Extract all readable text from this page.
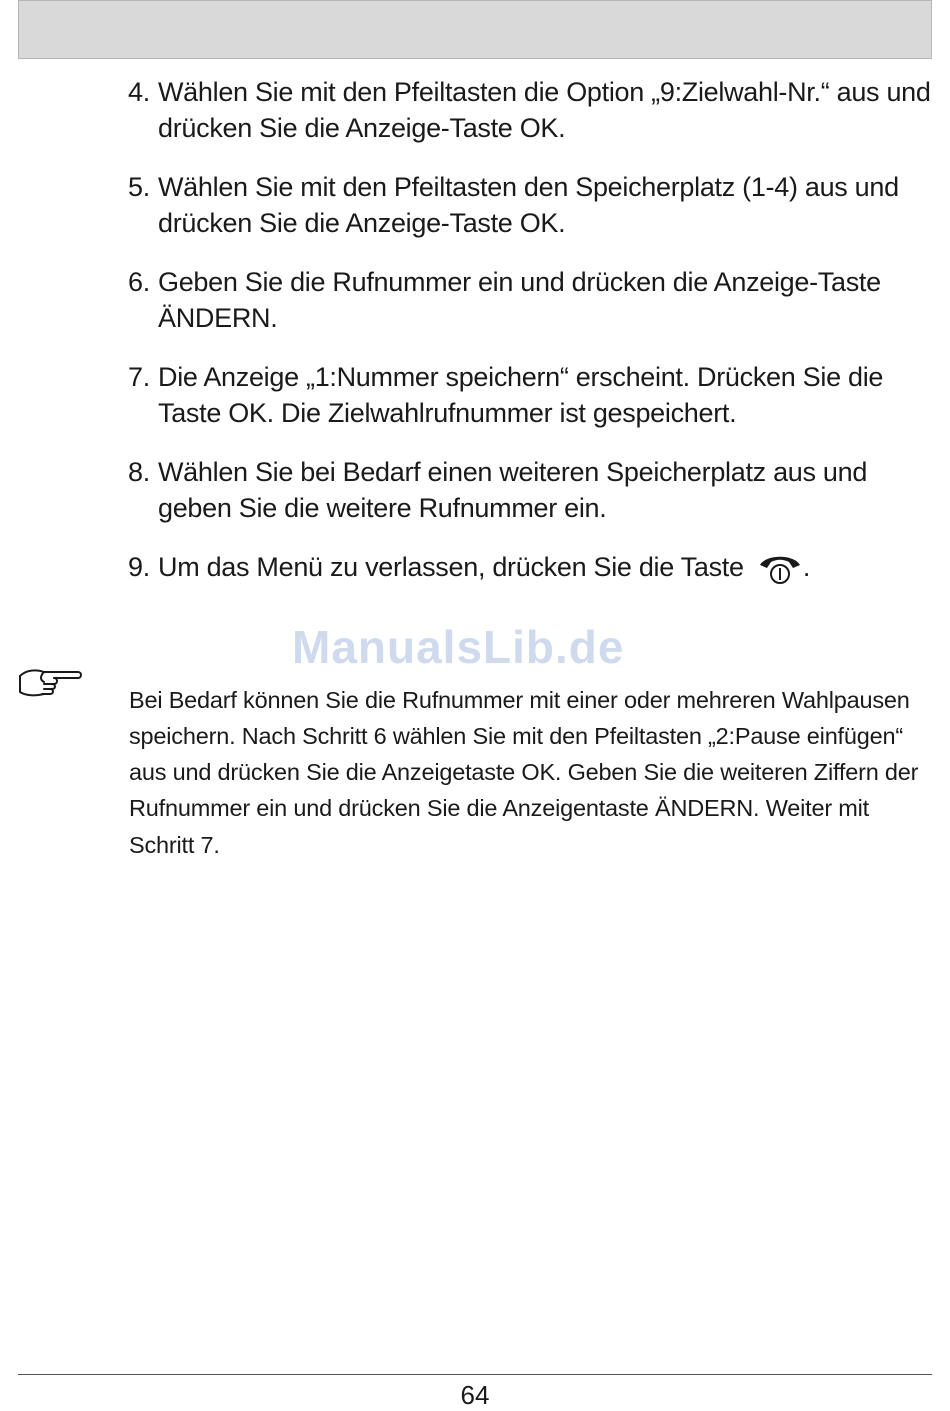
4. Wählen Sie mit den Pfeiltasten die Option „9:Zielwahl-Nr.“ aus und drücken Sie die Anzeige-Taste OK.
5. Wählen Sie mit den Pfeiltasten den Speicherplatz (1-4) aus und drücken Sie die Anzeige-Taste OK.
6. Geben Sie die Rufnummer ein und drücken die Anzeige-Taste ÄNDERN.
7. Die Anzeige „1:Nummer speichern“ erscheint. Drücken Sie die Taste OK. Die Zielwahlrufnummer ist gespeichert.
8. Wählen Sie bei Bedarf einen weiteren Speicherplatz aus und geben Sie die weitere Rufnummer ein.
9. Um das Menü zu verlassen, drücken Sie die Taste .
ManualsLib.de

Bei Bedarf können Sie die Rufnummer mit einer oder mehreren Wahlpausen speichern. Nach Schritt 6 wählen Sie mit den Pfeiltasten „2:Pause einfügen“ aus und drücken Sie die Anzeigetaste OK. Geben Sie die weiteren Ziffern der Rufnummer ein und drücken Sie die Anzeigentaste ÄNDERN. Weiter mit Schritt 7.

64
